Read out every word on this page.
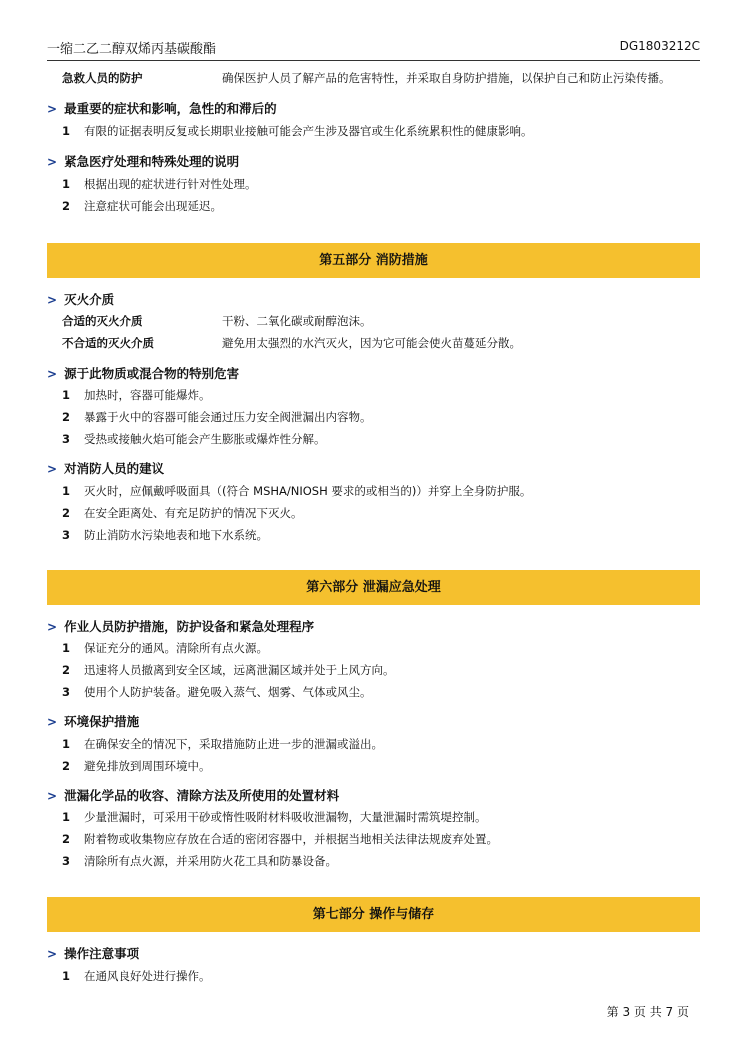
一缩二乙二醇双烯丙基碳酸酯	DG1803212C
急救人员的防护	确保医护人员了解产品的危害特性，并采取自身防护措施，以保护自己和防止污染传播。
> 最重要的症状和影响，急性的和滞后的
1 有限的证据表明反复或长期职业接触可能会产生涉及器官或生化系统累积性的健康影响。
> 紧急医疗处理和特殊处理的说明
1 根据出现的症状进行针对性处理。
2 注意症状可能会出现延迟。
第五部分 消防措施
> 灭火介质
合适的灭火介质	干粉、二氧化碳或耐醇泡沫。
不合适的灭火介质	避免用太强烈的水汽灭火，因为它可能会使火苗蔓延分散。
> 源于此物质或混合物的特别危害
1 加热时，容器可能爆炸。
2 暴露于火中的容器可能会通过压力安全阀泄漏出内容物。
3 受热或接触火焰可能会产生膨胀或爆炸性分解。
> 对消防人员的建议
1 灭火时，应佩戴呼吸面具（(符合 MSHA/NIOSH 要求的或相当的)）并穿上全身防护服。
2 在安全距离处、有充足防护的情况下灭火。
3 防止消防水污染地表和地下水系统。
第六部分 泄漏应急处理
> 作业人员防护措施，防护设备和紧急处理程序
1 保证充分的通风。清除所有点火源。
2 迅速将人员撤离到安全区域，远离泄漏区域并处于上风方向。
3 使用个人防护装备。避免吸入蒸气、烟雾、气体或风尘。
> 环境保护措施
1 在确保安全的情况下，采取措施防止进一步的泄漏或溢出。
2 避免排放到周围环境中。
> 泄漏化学品的收容、清除方法及所使用的处置材料
1 少量泄漏时，可采用干砂或惰性吸附材料吸收泄漏物，大量泄漏时需筑堤控制。
2 附着物或收集物应存放在合适的密闭容器中，并根据当地相关法律法规废弃处置。
3 清除所有点火源，并采用防火花工具和防暴设备。
第七部分 操作与储存
> 操作注意事项
1 在通风良好处进行操作。
第 3 页 共 7 页
